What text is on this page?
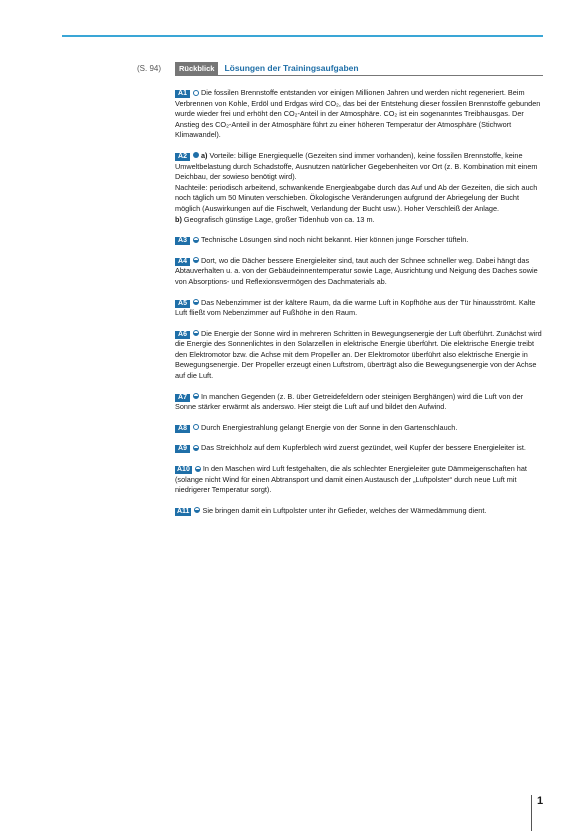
(S. 94)	Rückblick	Lösungen der Trainingsaufgaben

A1 Die fossilen Brennstoffe entstanden vor einigen Millionen Jahren und werden nicht regeneriert. Beim Verbrennen von Kohle, Erdöl und Erdgas wird CO₂, das bei der Entstehung dieser fossilen Brennstoffe gebunden wurde wieder frei und erhöht den CO₂-Anteil in der Atmosphäre. CO₂ ist ein sogenanntes Treibhausgas. Der Anstieg des CO₂-Anteil in der Atmosphäre führt zu einer höheren Temperatur der Atmosphäre (Stichwort Klimawandel).

A2 a) Vorteile: billige Energiequelle (Gezeiten sind immer vorhanden), keine fossilen Brennstoffe, keine Umweltbelastung durch Schadstoffe, Ausnutzen natürlicher Gegebenheiten vor Ort (z. B. Kombination mit einem Deichbau, der sowieso benötigt wird).

Nachteile: periodisch arbeitend, schwankende Energieabgabe durch das Auf und Ab der Gezeiten, die sich auch noch täglich um 50 Minuten verschieben. Ökologische Veränderungen aufgrund der Abriegelung der Bucht möglich (Auswirkungen auf die Fischwelt, Verlandung der Bucht usw.). Hoher Verschleiß der Anlage.

b) Geografisch günstige Lage, großer Tidenhub von ca. 13 m.

A3 Technische Lösungen sind noch nicht bekannt. Hier können junge Forscher tüfteln.

A4 Dort, wo die Dächer bessere Energieleiter sind, taut auch der Schnee schneller weg. Dabei hängt das Abtauverhalten u. a. von der Gebäudeinnentemperatur sowie Lage, Ausrichtung und Neigung des Daches sowie von Absorptions- und Reflexionsvermögen des Dachmaterials ab.

A5 Das Nebenzimmer ist der kältere Raum, da die warme Luft in Kopfhöhe aus der Tür hinausströmt. Kalte Luft fließt vom Nebenzimmer auf Fußhöhe in den Raum.

A6 Die Energie der Sonne wird in mehreren Schritten in Bewegungsenergie der Luft überführt. Zunächst wird die Energie des Sonnenlichtes in den Solarzellen in elektrische Energie überführt. Die elektrische Energie treibt den Elektromotor bzw. die Achse mit dem Propeller an. Der Elektromotor überführt also elektrische Energie in Bewegungsenergie. Der Propeller erzeugt einen Luftstrom, überträgt also die Bewegungsenergie von der Achse auf die Luft.

A7 In manchen Gegenden (z. B. über Getreidefeldern oder steinigen Berghängen) wird die Luft von der Sonne stärker erwärmt als anderswo. Hier steigt die Luft auf und bildet den Aufwind.

A8 Durch Energiestrahlung gelangt Energie von der Sonne in den Gartenschlauch.

A9 Das Streichholz auf dem Kupferblech wird zuerst gezündet, weil Kupfer der bessere Energieleiter ist.

A10 In den Maschen wird Luft festgehalten, die als schlechter Energieleiter gute Dämmeigenschaften hat (solange nicht Wind für einen Abtransport und damit einen Austausch der „Luftpolster“ durch neue Luft mit niedrigerer Temperatur sorgt).

A11 Sie bringen damit ein Luftpolster unter ihr Gefieder, welches der Wärmedämmung dient.

1
